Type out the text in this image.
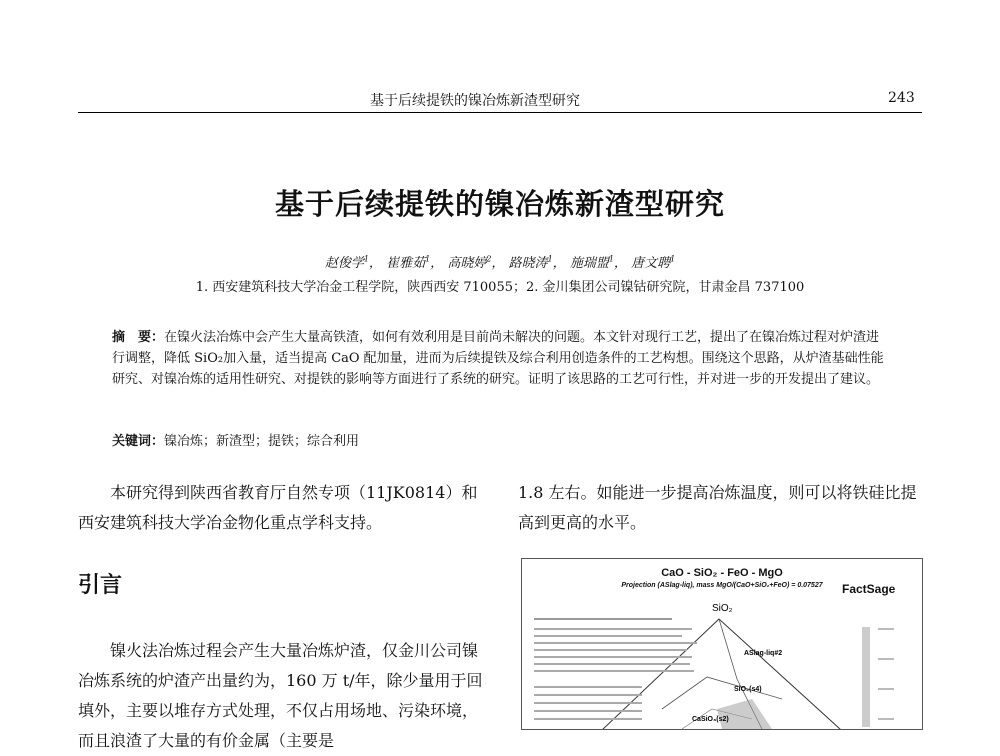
基于后续提铁的镍冶炼新渣型研究	243
基于后续提铁的镍冶炼新渣型研究
赵俊学$^1$， 崔雅茹$^1$， 高晓婷$^2$， 路晓涛$^1$， 施瑞盟$^1$， 唐文聘$^1$
1. 西安建筑科技大学冶金工程学院，陕西西安 710055；2. 金川集团公司镍钴研究院，甘肃金昌 737100
摘　要：在镍火法冶炼中会产生大量高铁渣，如何有效利用是目前尚未解决的问题。本文针对现行工艺，提出了在镍冶炼过程对炉渣进行调整，降低 SiO₂加入量，适当提高 CaO 配加量，进而为后续提铁及综合利用创造条件的工艺构想。围绕这个思路，从炉渣基础性能研究、对镍冶炼的适用性研究、对提铁的影响等方面进行了系统的研究。证明了该思路的工艺可行性，并对进一步的开发提出了建议。
关键词：镍冶炼；新渣型；提铁；综合利用
本研究得到陕西省教育厅自然专项（11JK0814）和西安建筑科技大学冶金物化重点学科支持。
1.8 左右。如能进一步提高冶炼温度，则可以将铁硅比提高到更高的水平。
引言
镍火法冶炼过程会产生大量冶炼炉渣，仅金川公司镍冶炼系统的炉渣产出量约为，160 万 t/年，除少量用于回填外，主要以堆存方式处理，不仅占用场地、污染环境，而且浪渣了大量的有价金属（主要是
SiO₂
ASlag-liq#2
SiO₂(s4)
CaSiO₃(s2)
CaO - SiO₂ - FeO - MgO
Projection (ASlag-liq), mass MgO/(CaO+SiO₂+FeO) = 0.07527	FactSage
